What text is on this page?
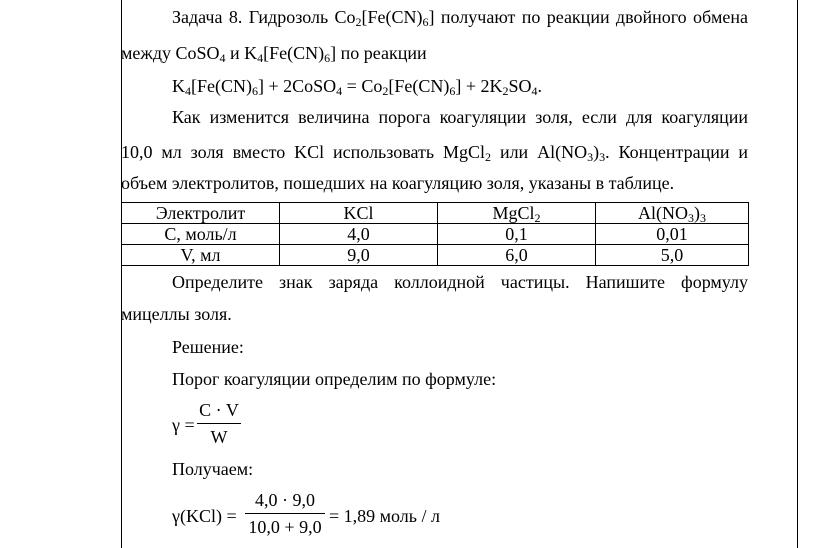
Задача 8. Гидрозоль $Co_2[Fe(CN)_6]$ получают по реакции двойного обмена
между CoSO$_4$ и $K_4[Fe(CN)_6]$ по реакции
$K_4[Fe(CN)_6]$ + 2CoSO$_4$ = $Co_2[Fe(CN)_6] + 2K_2SO_4$.
Как изменится величина порога коагуляции золя, если для коагуляции
10,0 мл золя вместо KCl использовать MgCl$_2$ или $Al(NO_3)_3$. Концентрации и
объем электролитов, пошедших на коагуляцию золя, указаны в таблице.
Электролит	KCl	MgCl$_2$	$Al(NO_3)_3$
С, моль/л	4,0	0,1	0,01
V, мл	9,0	6,0	5,0
Определите знак заряда коллоидной частицы. Напишите формулу
мицеллы золя.
Решение:
Порог коагуляции определим по формуле:
γ =
C · V
W
Получаем:
γ(KCl) =
4,0 · 9,0
10,0 + 9,0
= 1,89 моль / л
